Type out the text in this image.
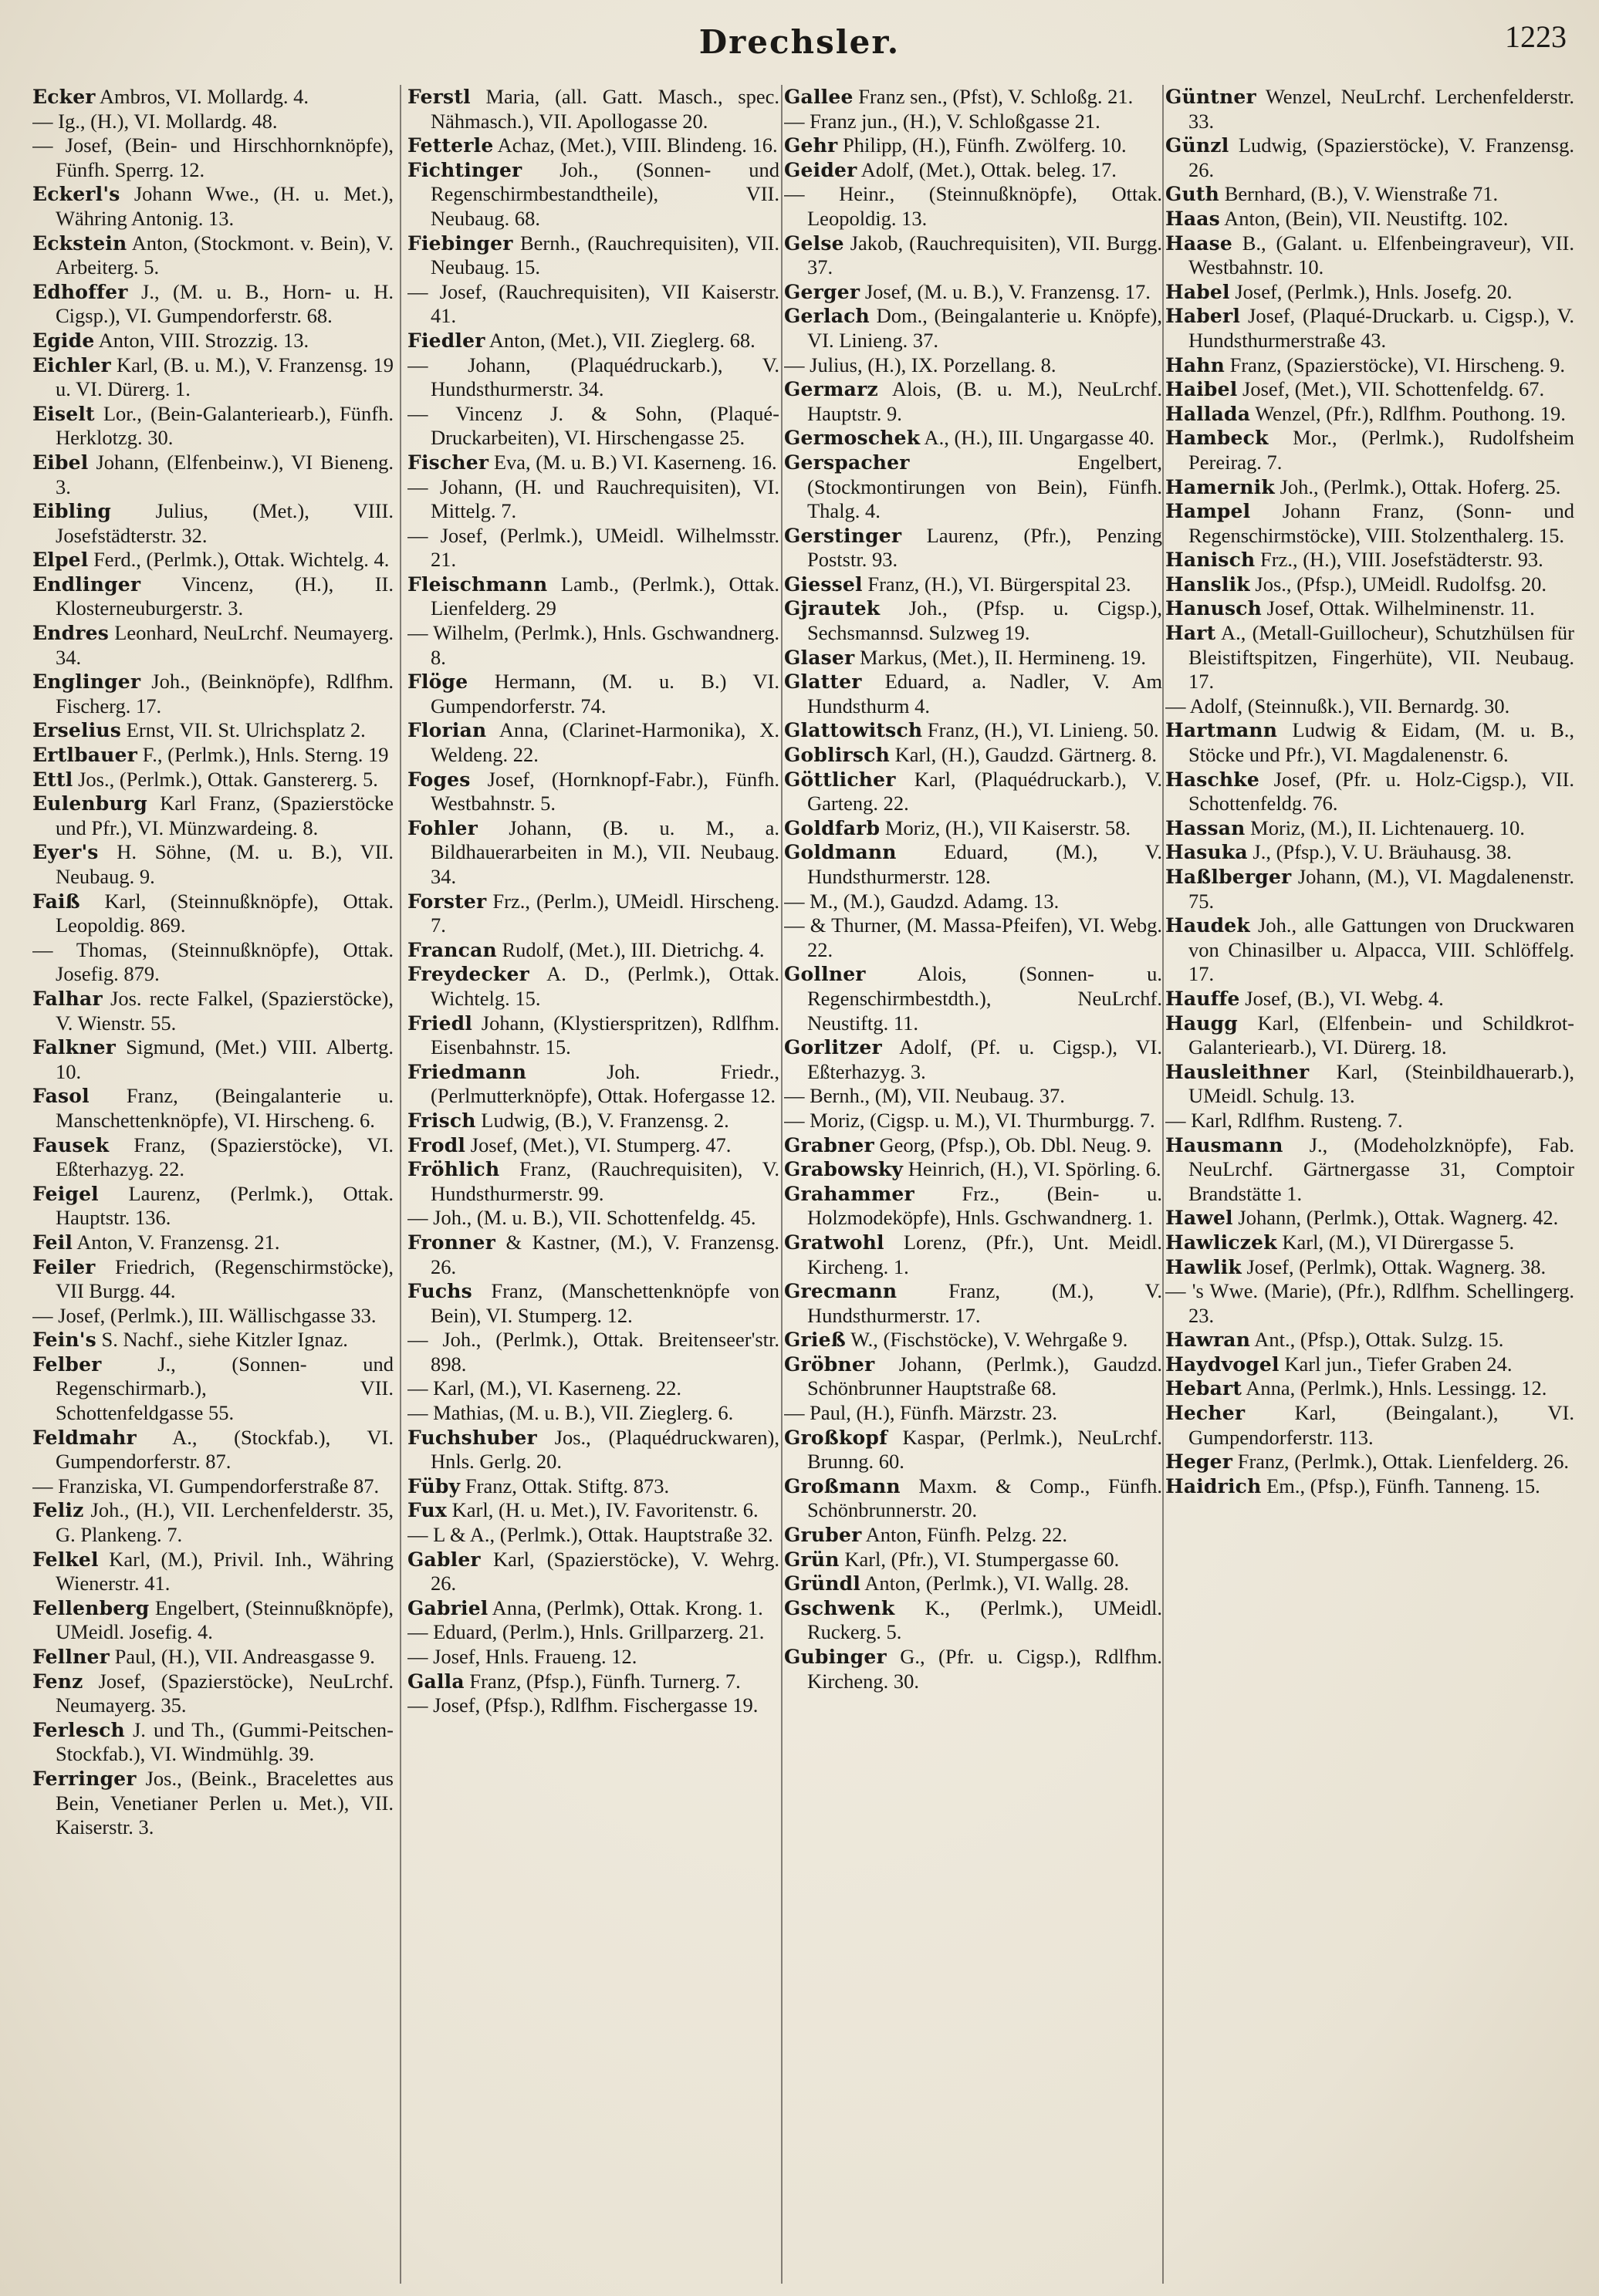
Drechsler.	1223
Ecker Ambros, VI. Mollardg. 4.
— Ig., (H.), VI. Mollardg. 48.
— Josef, (Bein- und Hirschhornknöpfe), Fünfh. Sperrg. 12.
Eckerl's Johann Wwe., (H. u. Met.), Währing Antonig. 13.
Eckstein Anton, (Stockmont. v. Bein), V. Arbeiterg. 5.
Edhoffer J., (M. u. B., Horn- u. H. Cigsp.), VI. Gumpendorferstr. 68.
Egide Anton, VIII. Strozzig. 13.
Eichler Karl, (B. u. M.), V. Franzensg. 19 u. VI. Dürerg. 1.
Eiselt Lor., (Bein-Galanteriearb.), Fünfh. Herklotzg. 30.
Eibel Johann, (Elfenbeinw.), VI Bieneng. 3.
Eibling Julius, (Met.), VIII. Josefstädterstr. 32.
Elpel Ferd., (Perlmk.), Ottak. Wichtelg. 4.
Endlinger Vincenz, (H.), II. Klosterneuburgerstr. 3.
Endres Leonhard, NeuLrchf. Neumayerg. 34.
Englinger Joh., (Beinknöpfe), Rdlfhm. Fischerg. 17.
Erselius Ernst, VII. St. Ulrichsplatz 2.
Ertlbauer F., (Perlmk.), Hnls. Sterng. 19
Ettl Jos., (Perlmk.), Ottak. Ganstererg. 5.
Eulenburg Karl Franz, (Spazierstöcke und Pfr.), VI. Münzwardeing. 8.
Eyer's H. Söhne, (M. u. B.), VII. Neubaug. 9.
Faiß Karl, (Steinnußknöpfe), Ottak. Leopoldig. 869.
— Thomas, (Steinnußknöpfe), Ottak. Josefig. 879.
Falhar Jos. recte Falkel, (Spazierstöcke), V. Wienstr. 55.
Falkner Sigmund, (Met.) VIII. Albertg. 10.
Fasol Franz, (Beingalanterie u. Manschettenknöpfe), VI. Hirscheng. 6.
Fausek Franz, (Spazierstöcke), VI. Eßterhazyg. 22.
Feigel Laurenz, (Perlmk.), Ottak. Hauptstr. 136.
Feil Anton, V. Franzensg. 21.
Feiler Friedrich, (Regenschirmstöcke), VII Burgg. 44.
— Josef, (Perlmk.), III. Wällischgasse 33.
Fein's S. Nachf., siehe Kitzler Ignaz.
Felber J., (Sonnen- und Regenschirmarb.), VII. Schottenfeldgasse 55.
Feldmahr A., (Stockfab.), VI. Gumpendorferstr. 87.
— Franziska, VI. Gumpendorferstraße 87.
Feliz Joh., (H.), VII. Lerchenfelderstr. 35, G. Plankeng. 7.
Felkel Karl, (M.), Privil. Inh., Währing Wienerstr. 41.
Fellenberg Engelbert, (Steinnußknöpfe), UMeidl. Josefig. 4.
Fellner Paul, (H.), VII. Andreasgasse 9.
Fenz Josef, (Spazierstöcke), NeuLrchf. Neumayerg. 35.
Ferlesch J. und Th., (Gummi-Peitschen-Stockfab.), VI. Windmühlg. 39.
Ferringer Jos., (Beink., Bracelettes aus Bein, Venetianer Perlen u. Met.), VII. Kaiserstr. 3.
Ferstl Maria, (all. Gatt. Masch., spec. Nähmasch.), VII. Apollogasse 20.
Fetterle Achaz, (Met.), VIII. Blindeng. 16.
Fichtinger Joh., (Sonnen- und Regenschirmbestandtheile), VII. Neubaug. 68.
Fiebinger Bernh., (Rauchrequisiten), VII. Neubaug. 15.
— Josef, (Rauchrequisiten), VII Kaiserstr. 41.
Fiedler Anton, (Met.), VII. Zieglerg. 68.
— Johann, (Plaquédruckarb.), V. Hundsthurmerstr. 34.
— Vincenz J. & Sohn, (Plaqué-Druckarbeiten), VI. Hirschengasse 25.
Fischer Eva, (M. u. B.) VI. Kaserneng. 16.
— Johann, (H. und Rauchrequisiten), VI. Mittelg. 7.
— Josef, (Perlmk.), UMeidl. Wilhelmsstr. 21.
Fleischmann Lamb., (Perlmk.), Ottak. Lienfelderg. 29
— Wilhelm, (Perlmk.), Hnls. Gschwandnerg. 8.
Flöge Hermann, (M. u. B.) VI. Gumpendorferstr. 74.
Florian Anna, (Clarinet-Harmonika), X. Weldeng. 22.
Foges Josef, (Hornknopf-Fabr.), Fünfh. Westbahnstr. 5.
Fohler Johann, (B. u. M., a. Bildhauerarbeiten in M.), VII. Neubaug. 34.
Forster Frz., (Perlm.), UMeidl. Hirscheng. 7.
Francan Rudolf, (Met.), III. Dietrichg. 4.
Freydecker A. D., (Perlmk.), Ottak. Wichtelg. 15.
Friedl Johann, (Klystierspritzen), Rdlfhm. Eisenbahnstr. 15.
Friedmann Joh. Friedr., (Perlmutterknöpfe), Ottak. Hofergasse 12.
Frisch Ludwig, (B.), V. Franzensg. 2.
Frodl Josef, (Met.), VI. Stumperg. 47.
Fröhlich Franz, (Rauchrequisiten), V. Hundsthurmerstr. 99.
— Joh., (M. u. B.), VII. Schottenfeldg. 45.
Fronner & Kastner, (M.), V. Franzensg. 26.
Fuchs Franz, (Manschettenknöpfe von Bein), VI. Stumperg. 12.
— Joh., (Perlmk.), Ottak. Breitenseer'str. 898.
— Karl, (M.), VI. Kaserneng. 22.
— Mathias, (M. u. B.), VII. Zieglerg. 6.
Fuchshuber Jos., (Plaquédruckwaren), Hnls. Gerlg. 20.
Füby Franz, Ottak. Stiftg. 873.
Fux Karl, (H. u. Met.), IV. Favoritenstr. 6.
— L & A., (Perlmk.), Ottak. Hauptstraße 32.
Gabler Karl, (Spazierstöcke), V. Wehrg. 26.
Gabriel Anna, (Perlmk), Ottak. Krong. 1.
— Eduard, (Perlm.), Hnls. Grillparzerg. 21.
— Josef, Hnls. Fraueng. 12.
Galla Franz, (Pfsp.), Fünfh. Turnerg. 7.
— Josef, (Pfsp.), Rdlfhm. Fischergasse 19.
Gallee Franz sen., (Pfst), V. Schloßg. 21.
— Franz jun., (H.), V. Schloßgasse 21.
Gehr Philipp, (H.), Fünfh. Zwölferg. 10.
Geider Adolf, (Met.), Ottak. beleg. 17.
— Heinr., (Steinnußknöpfe), Ottak. Leopoldig. 13.
Gelse Jakob, (Rauchrequisiten), VII. Burgg. 37.
Gerger Josef, (M. u. B.), V. Franzensg. 17.
Gerlach Dom., (Beingalanterie u. Knöpfe), VI. Linieng. 37.
— Julius, (H.), IX. Porzellang. 8.
Germarz Alois, (B. u. M.), NeuLrchf. Hauptstr. 9.
Germoschek A., (H.), III. Ungargasse 40.
Gerspacher Engelbert, (Stockmontirungen von Bein), Fünfh. Thalg. 4.
Gerstinger Laurenz, (Pfr.), Penzing Poststr. 93.
Giessel Franz, (H.), VI. Bürgerspital 23.
Gjrautek Joh., (Pfsp. u. Cigsp.), Sechsmannsd. Sulzweg 19.
Glaser Markus, (Met.), II. Hermineng. 19.
Glatter Eduard, a. Nadler, V. Am Hundsthurm 4.
Glattowitsch Franz, (H.), VI. Linieng. 50.
Goblirsch Karl, (H.), Gaudzd. Gärtnerg. 8.
Göttlicher Karl, (Plaquédruckarb.), V. Garteng. 22.
Goldfarb Moriz, (H.), VII Kaiserstr. 58.
Goldmann Eduard, (M.), V. Hundsthurmerstr. 128.
— M., (M.), Gaudzd. Adamg. 13.
— & Thurner, (M. Massa-Pfeifen), VI. Webg. 22.
Gollner Alois, (Sonnen- u. Regenschirmbestdth.), NeuLrchf. Neustiftg. 11.
Gorlitzer Adolf, (Pf. u. Cigsp.), VI. Eßterhazyg. 3.
— Bernh., (M), VII. Neubaug. 37.
— Moriz, (Cigsp. u. M.), VI. Thurmburgg. 7.
Grabner Georg, (Pfsp.), Ob. Dbl. Neug. 9.
Grabowsky Heinrich, (H.), VI. Spörling. 6.
Grahammer Frz., (Bein- u. Holzmodeköpfe), Hnls. Gschwandnerg. 1.
Gratwohl Lorenz, (Pfr.), Unt. Meidl. Kircheng. 1.
Grecmann Franz, (M.), V. Hundsthurmerstr. 17.
Grieß W., (Fischstöcke), V. Wehrgaße 9.
Gröbner Johann, (Perlmk.), Gaudzd. Schönbrunner Hauptstraße 68.
— Paul, (H.), Fünfh. Märzstr. 23.
Großkopf Kaspar, (Perlmk.), NeuLrchf. Brunng. 60.
Großmann Maxm. & Comp., Fünfh. Schönbrunnerstr. 20.
Gruber Anton, Fünfh. Pelzg. 22.
Grün Karl, (Pfr.), VI. Stumpergasse 60.
Gründl Anton, (Perlmk.), VI. Wallg. 28.
Gschwenk K., (Perlmk.), UMeidl. Ruckerg. 5.
Gubinger G., (Pfr. u. Cigsp.), Rdlfhm. Kircheng. 30.
Güntner Wenzel, NeuLrchf. Lerchenfelderstr. 33.
Günzl Ludwig, (Spazierstöcke), V. Franzensg. 26.
Guth Bernhard, (B.), V. Wienstraße 71.
Haas Anton, (Bein), VII. Neustiftg. 102.
Haase B., (Galant. u. Elfenbeingraveur), VII. Westbahnstr. 10.
Habel Josef, (Perlmk.), Hnls. Josefg. 20.
Haberl Josef, (Plaqué-Druckarb. u. Cigsp.), V. Hundsthurmerstraße 43.
Hahn Franz, (Spazierstöcke), VI. Hirscheng. 9.
Haibel Josef, (Met.), VII. Schottenfeldg. 67.
Hallada Wenzel, (Pfr.), Rdlfhm. Pouthong. 19.
Hambeck Mor., (Perlmk.), Rudolfsheim Pereirag. 7.
Hamernik Joh., (Perlmk.), Ottak. Hoferg. 25.
Hampel Johann Franz, (Sonn- und Regenschirmstöcke), VIII. Stolzenthalerg. 15.
Hanisch Frz., (H.), VIII. Josefstädterstr. 93.
Hanslik Jos., (Pfsp.), UMeidl. Rudolfsg. 20.
Hanusch Josef, Ottak. Wilhelminenstr. 11.
Hart A., (Metall-Guillocheur), Schutzhülsen für Bleistiftspitzen, Fingerhüte), VII. Neubaug. 17.
— Adolf, (Steinnußk.), VII. Bernardg. 30.
Hartmann Ludwig & Eidam, (M. u. B., Stöcke und Pfr.), VI. Magdalenenstr. 6.
Haschke Josef, (Pfr. u. Holz-Cigsp.), VII. Schottenfeldg. 76.
Hassan Moriz, (M.), II. Lichtenauerg. 10.
Hasuka J., (Pfsp.), V. U. Bräuhausg. 38.
Haßlberger Johann, (M.), VI. Magdalenenstr. 75.
Haudek Joh., alle Gattungen von Druckwaren von Chinasilber u. Alpacca, VIII. Schlöffelg. 17.
Hauffe Josef, (B.), VI. Webg. 4.
Haugg Karl, (Elfenbein- und Schildkrot-Galanteriearb.), VI. Dürerg. 18.
Hausleithner Karl, (Steinbildhauerarb.), UMeidl. Schulg. 13.
— Karl, Rdlfhm. Rusteng. 7.
Hausmann J., (Modeholzknöpfe), Fab. NeuLrchf. Gärtnergasse 31, Comptoir Brandstätte 1.
Hawel Johann, (Perlmk.), Ottak. Wagnerg. 42.
Hawliczek Karl, (M.), VI Dürergasse 5.
Hawlik Josef, (Perlmk), Ottak. Wagnerg. 38.
— 's Wwe. (Marie), (Pfr.), Rdlfhm. Schellingerg. 23.
Hawran Ant., (Pfsp.), Ottak. Sulzg. 15.
Haydvogel Karl jun., Tiefer Graben 24.
Hebart Anna, (Perlmk.), Hnls. Lessingg. 12.
Hecher Karl, (Beingalant.), VI. Gumpendorferstr. 113.
Heger Franz, (Perlmk.), Ottak. Lienfelderg. 26.
Haidrich Em., (Pfsp.), Fünfh. Tanneng. 15.
